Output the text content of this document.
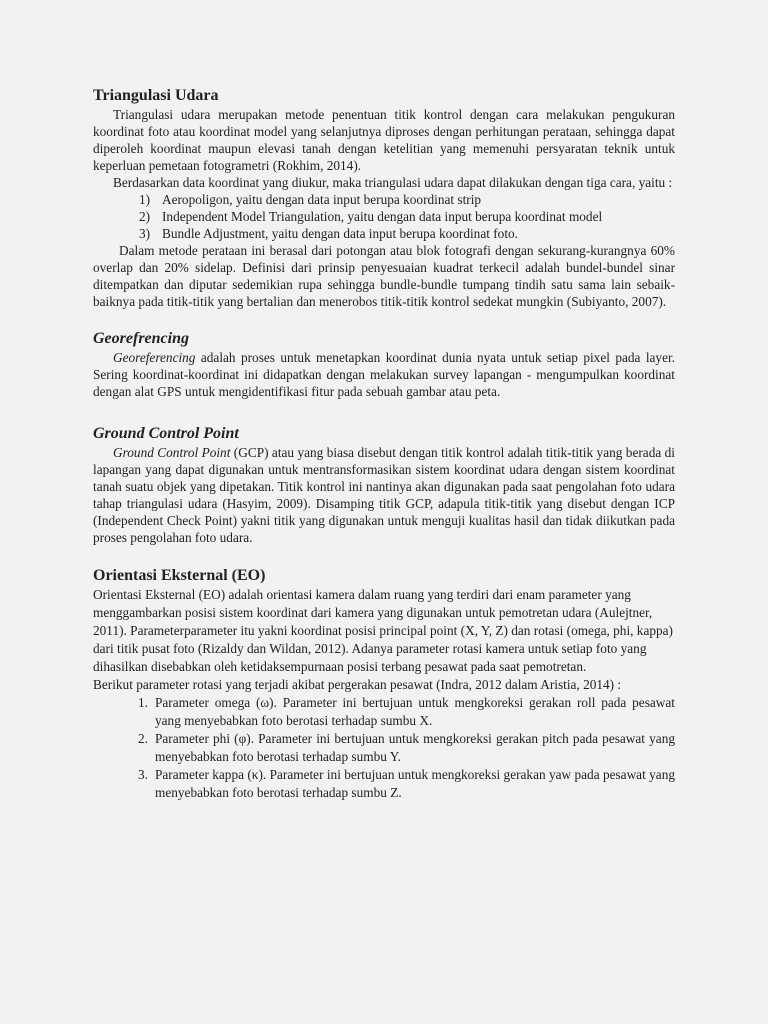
Triangulasi Udara

Triangulasi udara merupakan metode penentuan titik kontrol dengan cara melakukan pengukuran koordinat foto atau koordinat model yang selanjutnya diproses dengan perhitungan perataan, sehingga dapat diperoleh koordinat maupun elevasi tanah dengan ketelitian yang memenuhi persyaratan teknik untuk keperluan pemetaan fotogrametri (Rokhim, 2014).

Berdasarkan data koordinat yang diukur, maka triangulasi udara dapat dilakukan dengan tiga cara, yaitu :

1) Aeropoligon, yaitu dengan data input berupa koordinat strip
2) Independent Model Triangulation, yaitu dengan data input berupa koordinat model
3) Bundle Adjustment, yaitu dengan data input berupa koordinat foto.

Dalam metode perataan ini berasal dari potongan atau blok fotografi dengan sekurang-kurangnya 60% overlap dan 20% sidelap. Definisi dari prinsip penyesuaian kuadrat terkecil adalah bundel-bundel sinar ditempatkan dan diputar sedemikian rupa sehingga bundle-bundle tumpang tindih satu sama lain sebaik-baiknya pada titik-titik yang bertalian dan menerobos titik-titik kontrol sedekat mungkin (Subiyanto, 2007).

Georefrencing

Georeferencing adalah proses untuk menetapkan koordinat dunia nyata untuk setiap pixel pada layer. Sering koordinat-koordinat ini didapatkan dengan melakukan survey lapangan - mengumpulkan koordinat dengan alat GPS untuk mengidentifikasi fitur pada sebuah gambar atau peta.

Ground Control Point

Ground Control Point (GCP) atau yang biasa disebut dengan titik kontrol adalah titik-titik yang berada di lapangan yang dapat digunakan untuk mentransformasikan sistem koordinat udara dengan sistem koordinat tanah suatu objek yang dipetakan. Titik kontrol ini nantinya akan digunakan pada saat pengolahan foto udara tahap triangulasi udara (Hasyim, 2009). Disamping titik GCP, adapula titik-titik yang disebut dengan ICP (Independent Check Point) yakni titik yang digunakan untuk menguji kualitas hasil dan tidak diikutkan pada proses pengolahan foto udara.

Orientasi Eksternal (EO)

Orientasi Eksternal (EO) adalah orientasi kamera dalam ruang yang terdiri dari enam parameter yang menggambarkan posisi sistem koordinat dari kamera yang digunakan untuk pemotretan udara (Aulejtner, 2011). Parameterparameter itu yakni koordinat posisi principal point (X, Y, Z) dan rotasi (omega, phi, kappa) dari titik pusat foto (Rizaldy dan Wildan, 2012). Adanya parameter rotasi kamera untuk setiap foto yang dihasilkan disebabkan oleh ketidaksempurnaan posisi terbang pesawat pada saat pemotretan.

Berikut parameter rotasi yang terjadi akibat pergerakan pesawat (Indra, 2012 dalam Aristia, 2014) :

1. Parameter omega (ω). Parameter ini bertujuan untuk mengkoreksi gerakan roll pada pesawat yang menyebabkan foto berotasi terhadap sumbu X.
2. Parameter phi (φ). Parameter ini bertujuan untuk mengkoreksi gerakan pitch pada pesawat yang menyebabkan foto berotasi terhadap sumbu Y.
3. Parameter kappa (κ). Parameter ini bertujuan untuk mengkoreksi gerakan yaw pada pesawat yang menyebabkan foto berotasi terhadap sumbu Z.
